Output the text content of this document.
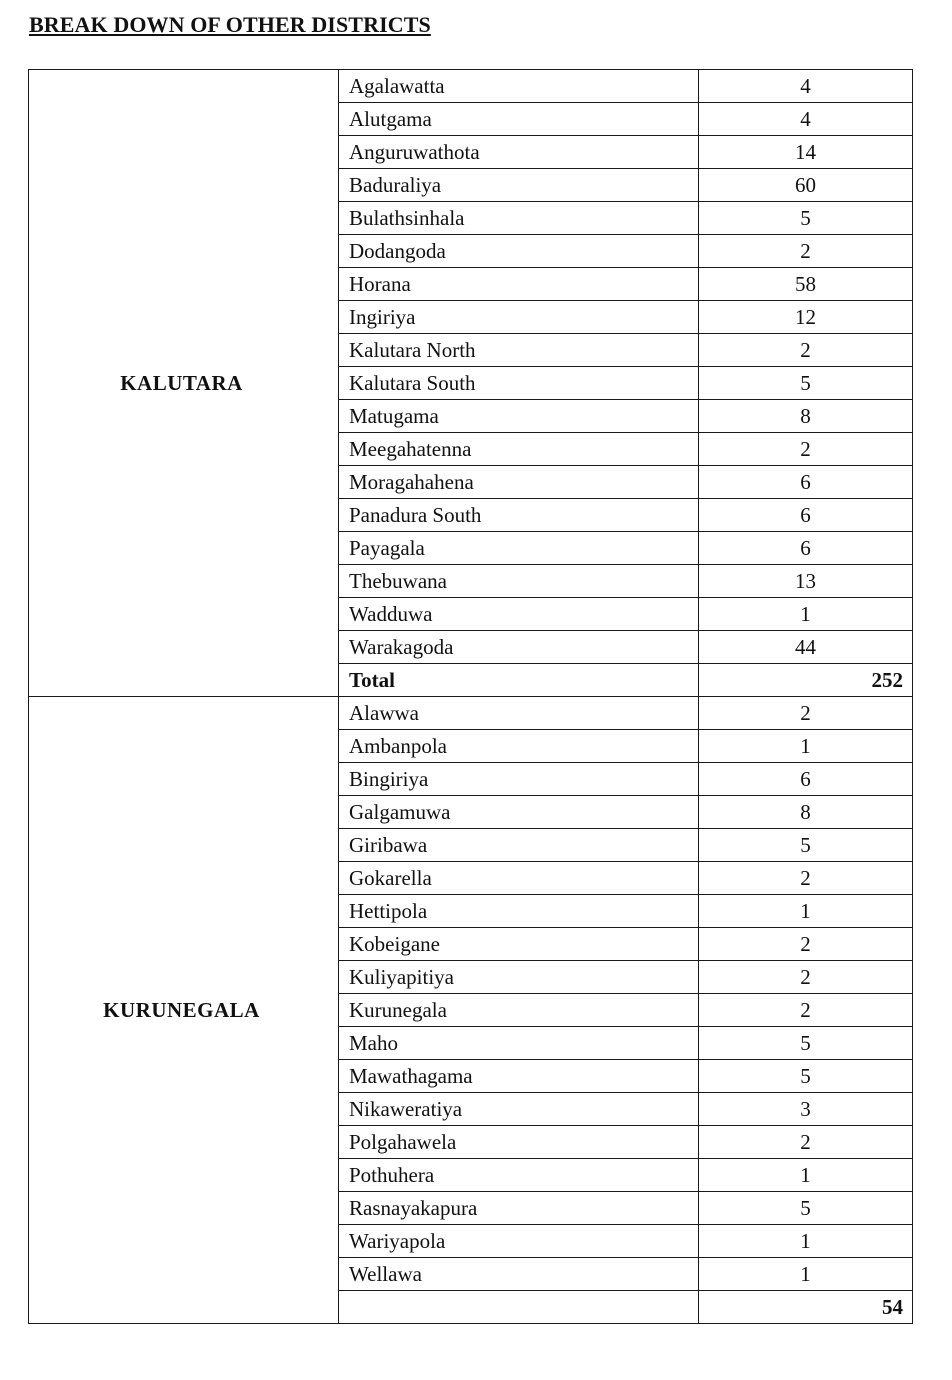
BREAK DOWN OF OTHER DISTRICTS
KALUTARA	Agalawatta	4
	Alutgama	4
	Anguruwathota	14
	Baduraliya	60
	Bulathsinhala	5
	Dodangoda	2
	Horana	58
	Ingiriya	12
	Kalutara North	2
	Kalutara South	5
	Matugama	8
	Meegahatenna	2
	Moragahahena	6
	Panadura South	6
	Payagala	6
	Thebuwana	13
	Wadduwa	1
	Warakagoda	44
	Total	252
KURUNEGALA	Alawwa	2
	Ambanpola	1
	Bingiriya	6
	Galgamuwa	8
	Giribawa	5
	Gokarella	2
	Hettipola	1
	Kobeigane	2
	Kuliyapitiya	2
	Kurunegala	2
	Maho	5
	Mawathagama	5
	Nikaweratiya	3
	Polgahawela	2
	Pothuhera	1
	Rasnayakapura	5
	Wariyapola	1
	Wellawa	1
		54
